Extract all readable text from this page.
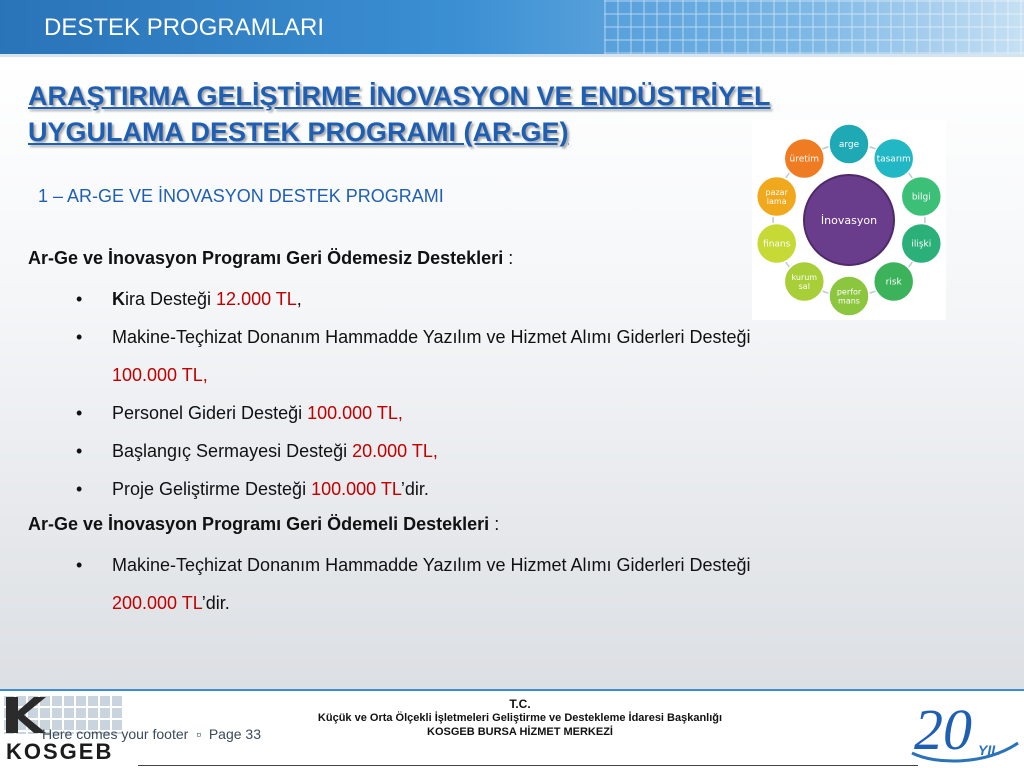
DESTEK PROGRAMLARI
ARAŞTIRMA GELİŞTİRME İNOVASYON VE ENDÜSTRİYEL
UYGULAMA DESTEK PROGRAMI (AR-GE)
1 – AR-GE VE İNOVASYON DESTEK PROGRAMI
İnovasyon
arge
tasarım
bilgi
ilişki
risk
perfor mans
kurum sal
finans
pazar lama
üretim
Ar-Ge ve İnovasyon Programı Geri Ödemesiz Destekleri :
• Kira Desteği 12.000 TL,
• Makine-Teçhizat Donanım Hammadde Yazılım ve Hizmet Alımı Giderleri Desteği
100.000 TL,
• Personel Gideri Desteği 100.000 TL,
• Başlangıç Sermayesi Desteği 20.000 TL,
• Proje Geliştirme Desteği 100.000 TL’dir.
Ar-Ge ve İnovasyon Programı Geri Ödemeli Destekleri :
• Makine-Teçhizat Donanım Hammadde Yazılım ve Hizmet Alımı Giderleri Desteği
200.000 TL’dir.
KOSGEB
Here comes your footer ▫ Page 33
T.C.
Küçük ve Orta Ölçekli İşletmeleri Geliştirme ve Destekleme İdaresi Başkanlığı
KOSGEB BURSA HİZMET MERKEZİ	20 YIL
